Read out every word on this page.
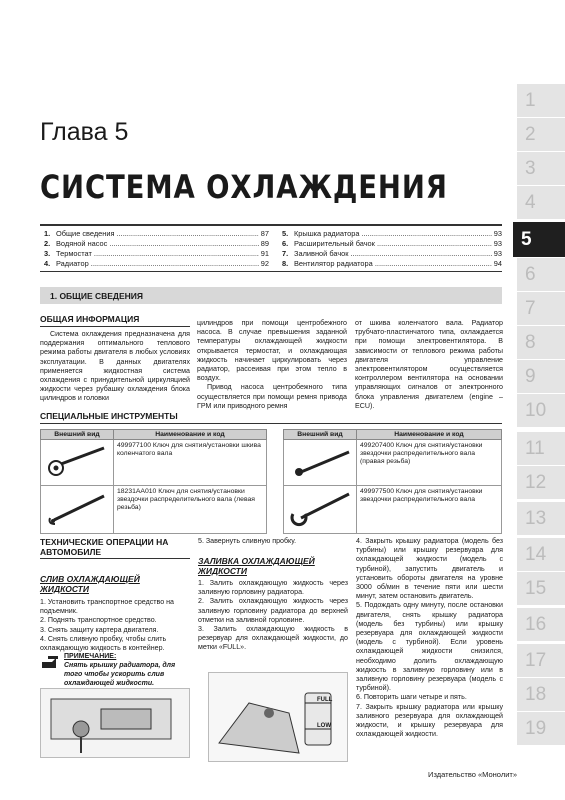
Глава 5
СИСТЕМА ОХЛАЖДЕНИЯ
1. Общие сведения .....	87
2. Водяной насос .....	89
3. Термостат .....	91
4. Радиатор .....	92
5. Крышка радиатора .....	93
6. Расширительный бачок .....	93
7. Заливной бачок .....	93
8. Вентилятор радиатора .....	94
1. ОБЩИЕ СВЕДЕНИЯ
ОБЩАЯ ИНФОРМАЦИЯ

Система охлаждения предназначена для поддержания оптимального теплового режима работы двигателя в любых условиях эксплуатации. В данных двигателях применяется жидкостная система охлаждения с принудительной циркуляцией жидкости через рубашку охлаждения блока цилиндров и головки

цилиндров при помощи центробежного насоса. В случае превышения заданной температуры охлаждающей жидкости открывается термостат, и охлаждающая жидкость начинает циркулировать через радиатор, рассеивая при этом тепло в воздух.

Привод насоса центробежного типа осуществляется при помощи ремня привода ГРМ или приводного ремня

от шкива коленчатого вала. Радиатор трубчато-пластинчатого типа, охлаждается при помощи электровентилятора. В зависимости от теплового режима работы двигателя управление электровентилятором осуществляется контроллером вентилятора на основании управляющих сигналов от электронного блока управления двигателем (engine – ECU).

СПЕЦИАЛЬНЫЕ ИНСТРУМЕНТЫ
Внешний вид	Наименование и код
	499977100 Ключ для снятия/установки шкива коленчатого вала
	18231AA010 Ключ для снятия/установки звездочки распределительного вала (левая резьба)
Внешний вид	Наименование и код
	499207400 Ключ для снятия/установки звездочки распределительного вала (правая резьба)
	499977500 Ключ для снятия/установки звездочки распределительного вала
ТЕХНИЧЕСКИЕ ОПЕРАЦИИ НА АВТОМОБИЛЕ
СЛИВ ОХЛАЖДАЮЩЕЙ ЖИДКОСТИ
1. Установить транспортное средство на подъемник.
2. Поднять транспортное средство.
3. Снять защиту картера двигателя.
4. Снять сливную пробку, чтобы слить охлаждающую жидкость в контейнер.
ПРИМЕЧАНИЕ:
Снять крышку радиатора, для того чтобы ускорить слив охлаждающей жидкости.
5. Завернуть сливную пробку.
ЗАЛИВКА ОХЛАЖДАЮЩЕЙ ЖИДКОСТИ
1. Залить охлаждающую жидкость через заливную горловину радиатора.
2. Залить охлаждающую жидкость через заливную горловину радиатора до верхней отметки на заливной горловине.
3. Залить охлаждающую жидкость в резервуар для охлаждающей жидкости, до метки «FULL».
FULL
LOW
4. Закрыть крышку радиатора (модель без турбины) или крышку резервуара для охлаждающей жидкости (модель с турбиной), запустить двигатель и установить обороты двигателя на уровне 3000 об/мин в течение пяти или шести минут, затем остановить двигатель.
5. Подождать одну минуту, после остановки двигателя, снять крышку радиатора (модель без турбины) или крышку резервуара для охлаждающей жидкости (модель с турбиной). Если уровень охлаждающей жидкости снизился, необходимо долить охлаждающую жидкость в заливную горловину или в заливную горловину резервуара (модель с турбиной).
6. Повторить шаги четыре и пять.
7. Закрыть крышку радиатора или крышку заливного резервуара для охлаждающей жидкости, и крышку резервуара для охлаждающей жидкости.
Издательство «Монолит»
1
2
3
4
5
6
7
8
9
10
11
12
13
14
15
16
17
18
19
